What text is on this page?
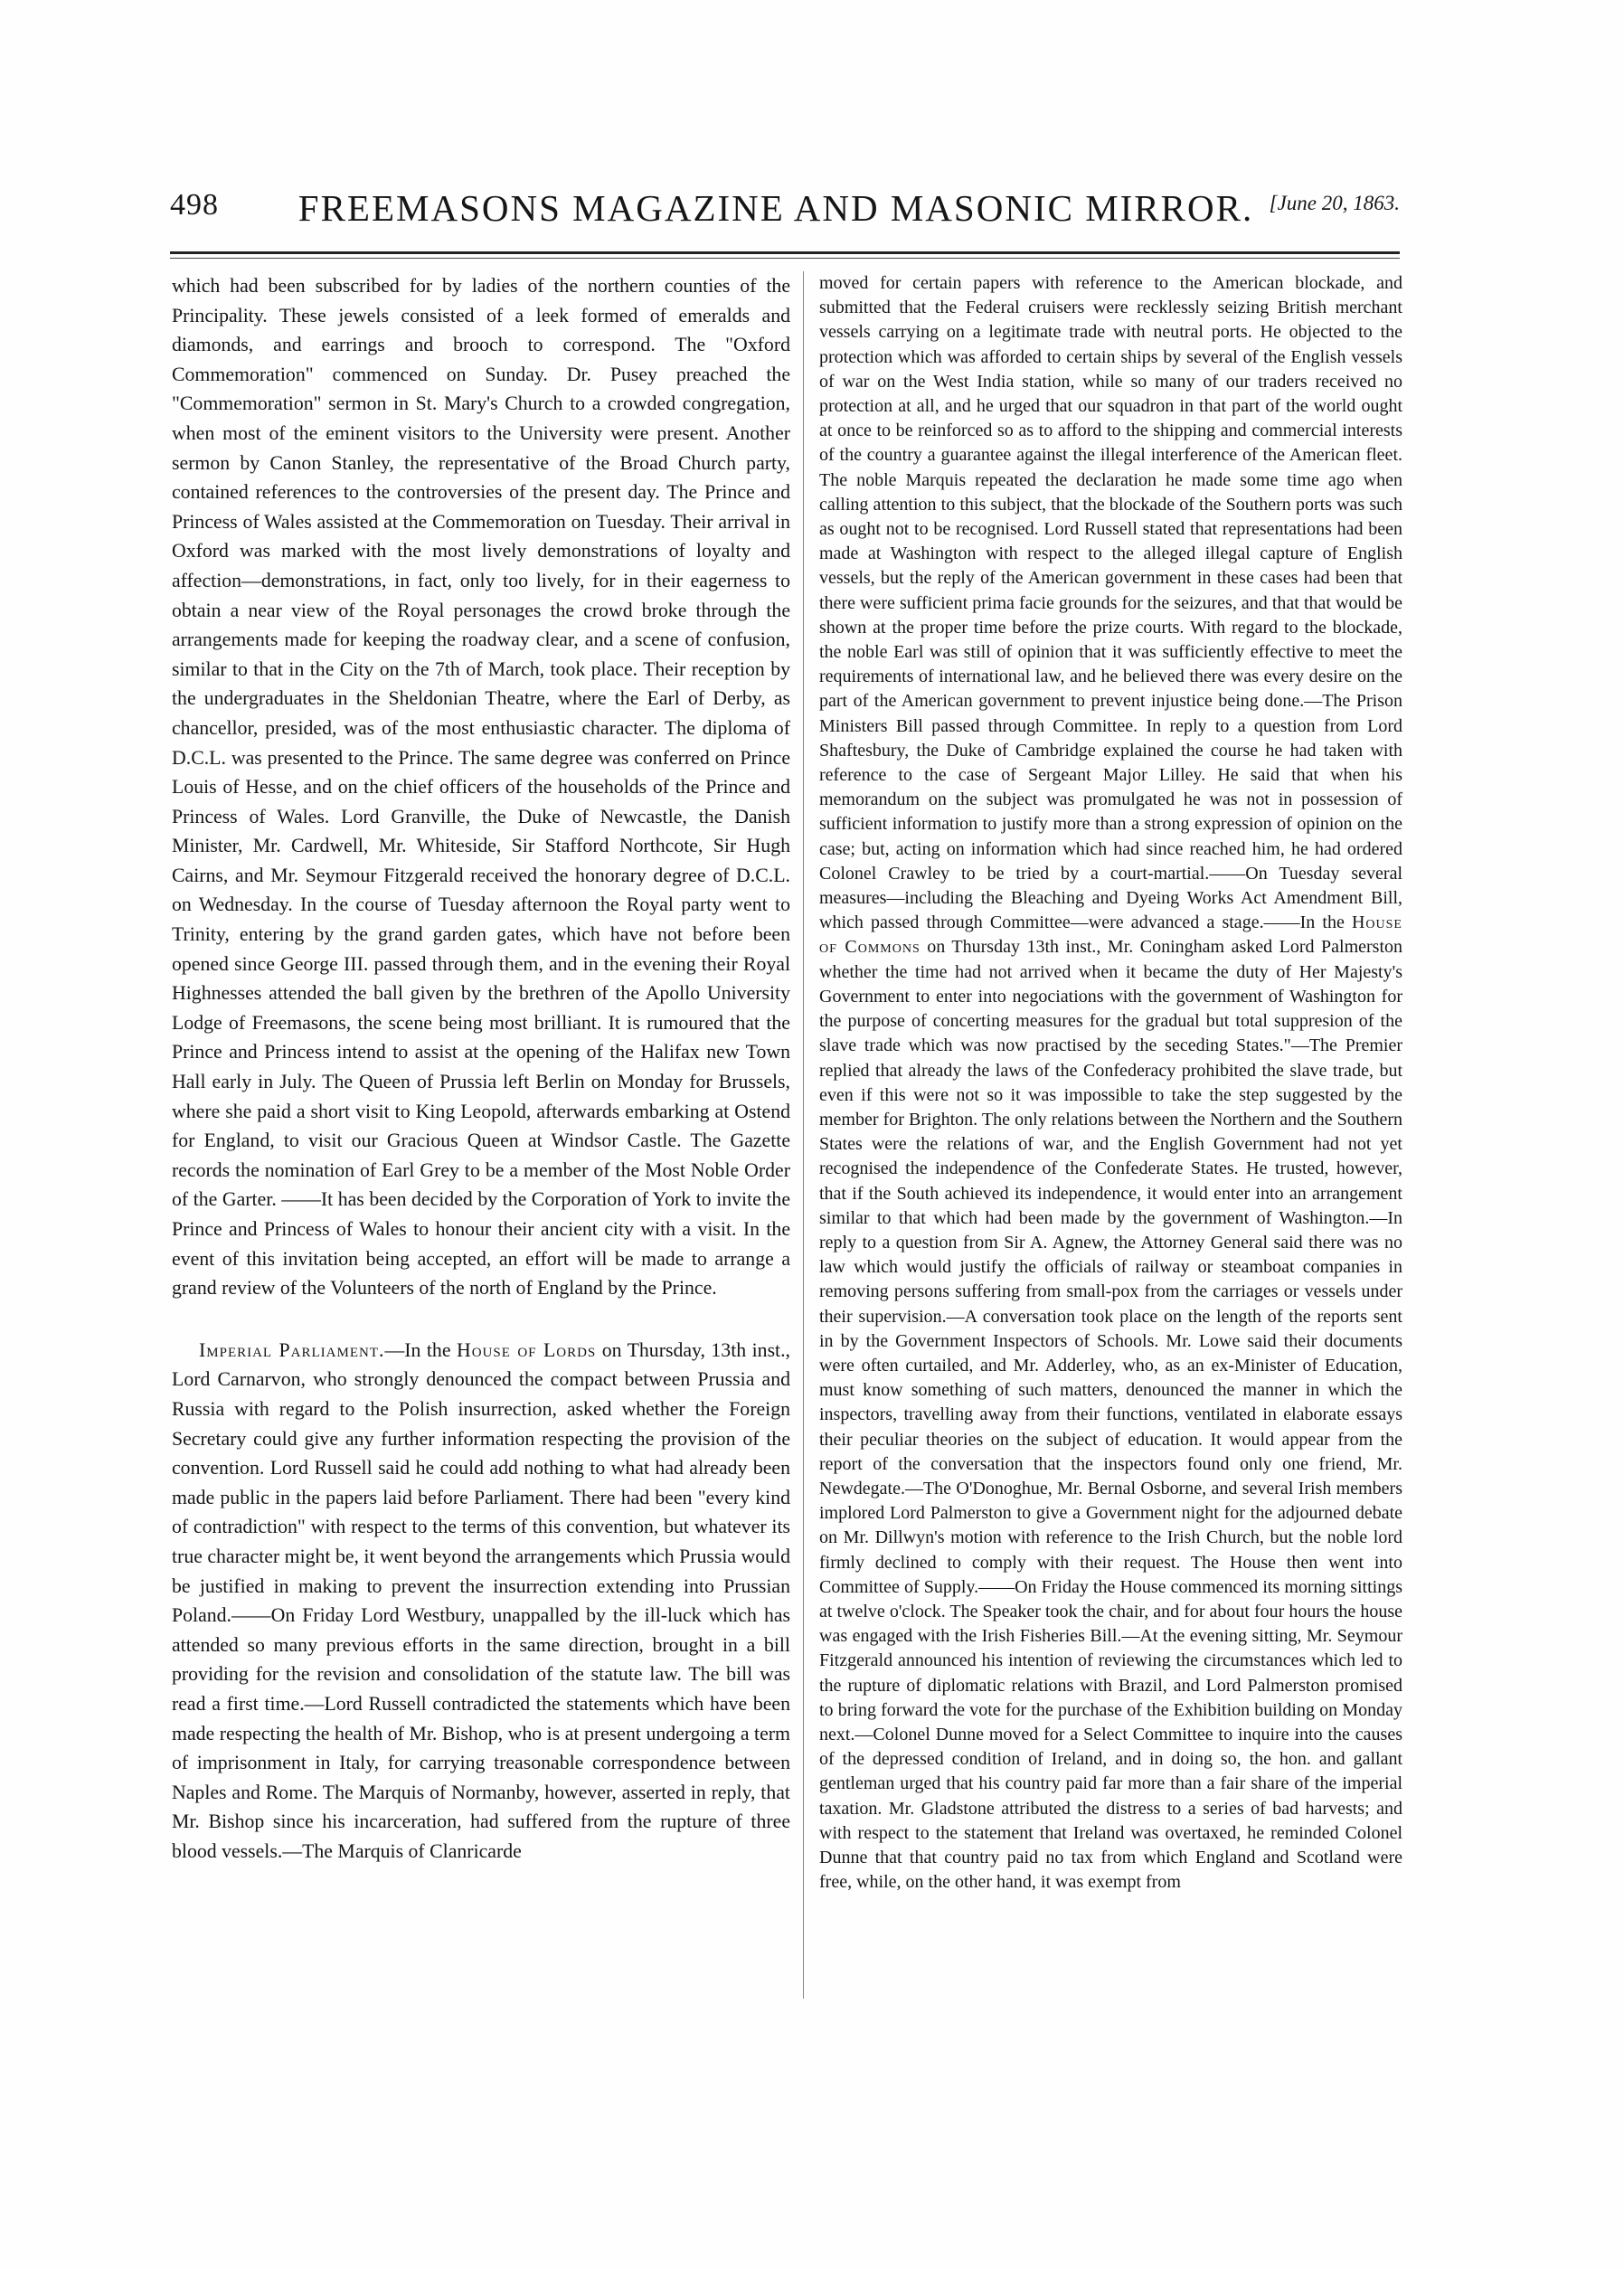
498	FREEMASONS MAGAZINE AND MASONIC MIRROR. [June 20, 1863.

which had been subscribed for by ladies of the northern counties of the Principality. These jewels consisted of a leek formed of emeralds and diamonds, and earrings and brooch to correspond. The "Oxford Commemoration" commenced on Sunday. Dr. Pusey preached the "Commemoration" sermon in St. Mary's Church to a crowded congregation, when most of the eminent visitors to the University were present. Another sermon by Canon Stanley, the representative of the Broad Church party, contained references to the controversies of the present day. The Prince and Princess of Wales assisted at the Commemoration on Tuesday. Their arrival in Oxford was marked with the most lively demonstrations of loyalty and affection—demonstrations, in fact, only too lively, for in their eagerness to obtain a near view of the Royal personages the crowd broke through the arrangements made for keeping the roadway clear, and a scene of confusion, similar to that in the City on the 7th of March, took place. Their reception by the undergraduates in the Sheldonian Theatre, where the Earl of Derby, as chancellor, presided, was of the most enthusiastic character. The diploma of D.C.L. was presented to the Prince. The same degree was conferred on Prince Louis of Hesse, and on the chief officers of the households of the Prince and Princess of Wales. Lord Granville, the Duke of Newcastle, the Danish Minister, Mr. Cardwell, Mr. Whiteside, Sir Stafford Northcote, Sir Hugh Cairns, and Mr. Seymour Fitzgerald received the honorary degree of D.C.L. on Wednesday. In the course of Tuesday afternoon the Royal party went to Trinity, entering by the grand garden gates, which have not before been opened since George III. passed through them, and in the evening their Royal Highnesses attended the ball given by the brethren of the Apollo University Lodge of Freemasons, the scene being most brilliant. It is rumoured that the Prince and Princess intend to assist at the opening of the Halifax new Town Hall early in July. The Queen of Prussia left Berlin on Monday for Brussels, where she paid a short visit to King Leopold, afterwards embarking at Ostend for England, to visit our Gracious Queen at Windsor Castle. The Gazette records the nomination of Earl Grey to be a member of the Most Noble Order of the Garter. ——It has been decided by the Corporation of York to invite the Prince and Princess of Wales to honour their ancient city with a visit. In the event of this invitation being accepted, an effort will be made to arrange a grand review of the Volunteers of the north of England by the Prince.

Imperial Parliament.—In the House of Lords on Thursday, 13th inst., Lord Carnarvon, who strongly denounced the compact between Prussia and Russia with regard to the Polish insurrection, asked whether the Foreign Secretary could give any further information respecting the provision of the convention. Lord Russell said he could add nothing to what had already been made public in the papers laid before Parliament. There had been "every kind of contradiction" with respect to the terms of this convention, but whatever its true character might be, it went beyond the arrangements which Prussia would be justified in making to prevent the insurrection extending into Prussian Poland.——On Friday Lord Westbury, unappalled by the ill-luck which has attended so many previous efforts in the same direction, brought in a bill providing for the revision and consolidation of the statute law. The bill was read a first time.—Lord Russell contradicted the statements which have been made respecting the health of Mr. Bishop, who is at present undergoing a term of imprisonment in Italy, for carrying treasonable correspondence between Naples and Rome. The Marquis of Normanby, however, asserted in reply, that Mr. Bishop since his incarceration, had suffered from the rupture of three blood vessels.—The Marquis of Clanricarde

moved for certain papers with reference to the American blockade, and submitted that the Federal cruisers were recklessly seizing British merchant vessels carrying on a legitimate trade with neutral ports. He objected to the protection which was afforded to certain ships by several of the English vessels of war on the West India station, while so many of our traders received no protection at all, and he urged that our squadron in that part of the world ought at once to be reinforced so as to afford to the shipping and commercial interests of the country a guarantee against the illegal interference of the American fleet. The noble Marquis repeated the declaration he made some time ago when calling attention to this subject, that the blockade of the Southern ports was such as ought not to be recognised. Lord Russell stated that representations had been made at Washington with respect to the alleged illegal capture of English vessels, but the reply of the American government in these cases had been that there were sufficient prima facie grounds for the seizures, and that that would be shown at the proper time before the prize courts. With regard to the blockade, the noble Earl was still of opinion that it was sufficiently effective to meet the requirements of international law, and he believed there was every desire on the part of the American government to prevent injustice being done.—The Prison Ministers Bill passed through Committee. In reply to a question from Lord Shaftesbury, the Duke of Cambridge explained the course he had taken with reference to the case of Sergeant Major Lilley. He said that when his memorandum on the subject was promulgated he was not in possession of sufficient information to justify more than a strong expression of opinion on the case; but, acting on information which had since reached him, he had ordered Colonel Crawley to be tried by a court-martial.——On Tuesday several measures—including the Bleaching and Dyeing Works Act Amendment Bill, which passed through Committee—were advanced a stage.——In the House of Commons on Thursday 13th inst., Mr. Coningham asked Lord Palmerston whether the time had not arrived when it became the duty of Her Majesty's Government to enter into negociations with the government of Washington for the purpose of concerting measures for the gradual but total suppresion of the slave trade which was now practised by the seceding States."—The Premier replied that already the laws of the Confederacy prohibited the slave trade, but even if this were not so it was impossible to take the step suggested by the member for Brighton. The only relations between the Northern and the Southern States were the relations of war, and the English Government had not yet recognised the independence of the Confederate States. He trusted, however, that if the South achieved its independence, it would enter into an arrangement similar to that which had been made by the government of Washington.—In reply to a question from Sir A. Agnew, the Attorney General said there was no law which would justify the officials of railway or steamboat companies in removing persons suffering from small-pox from the carriages or vessels under their supervision.—A conversation took place on the length of the reports sent in by the Government Inspectors of Schools. Mr. Lowe said their documents were often curtailed, and Mr. Adderley, who, as an ex-Minister of Education, must know something of such matters, denounced the manner in which the inspectors, travelling away from their functions, ventilated in elaborate essays their peculiar theories on the subject of education. It would appear from the report of the conversation that the inspectors found only one friend, Mr. Newdegate.—The O'Donoghue, Mr. Bernal Osborne, and several Irish members implored Lord Palmerston to give a Government night for the adjourned debate on Mr. Dillwyn's motion with reference to the Irish Church, but the noble lord firmly declined to comply with their request. The House then went into Committee of Supply.——On Friday the House commenced its morning sittings at twelve o'clock. The Speaker took the chair, and for about four hours the house was engaged with the Irish Fisheries Bill.—At the evening sitting, Mr. Seymour Fitzgerald announced his intention of reviewing the circumstances which led to the rupture of diplomatic relations with Brazil, and Lord Palmerston promised to bring forward the vote for the purchase of the Exhibition building on Monday next.—Colonel Dunne moved for a Select Committee to inquire into the causes of the depressed condition of Ireland, and in doing so, the hon. and gallant gentleman urged that his country paid far more than a fair share of the imperial taxation. Mr. Gladstone attributed the distress to a series of bad harvests; and with respect to the statement that Ireland was overtaxed, he reminded Colonel Dunne that that country paid no tax from which England and Scotland were free, while, on the other hand, it was exempt from
